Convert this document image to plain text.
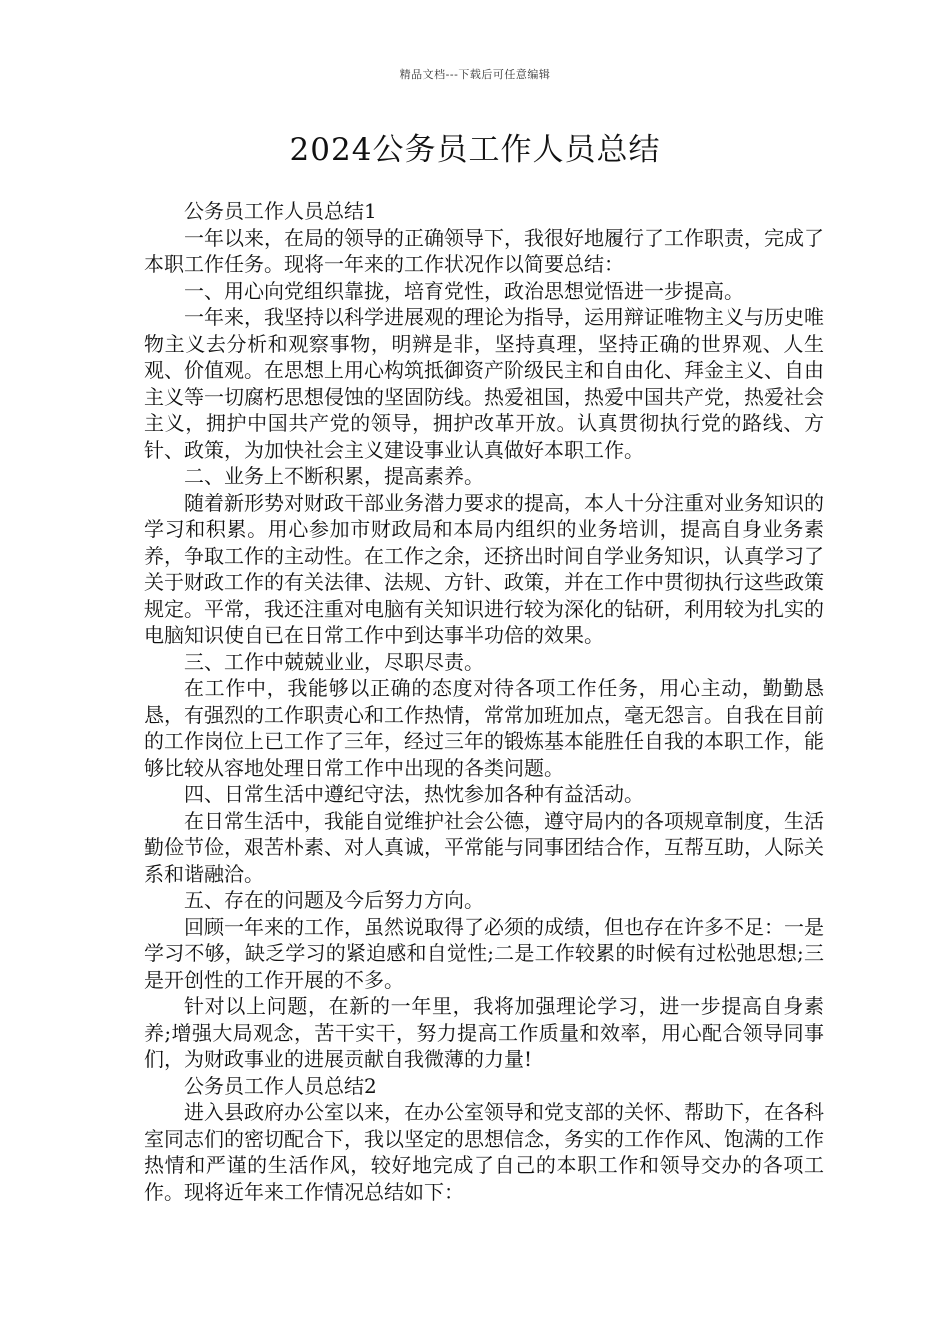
精品文档---下载后可任意编辑
2024公务员工作人员总结

公务员工作人员总结1

一年以来，在局的领导的正确领导下，我很好地履行了工作职责，完成了本职工作任务。现将一年来的工作状况作以简要总结：

一、用心向党组织靠拢，培育党性，政治思想觉悟进一步提高。

一年来，我坚持以科学进展观的理论为指导，运用辩证唯物主义与历史唯物主义去分析和观察事物，明辨是非，坚持真理，坚持正确的世界观、人生观、价值观。在思想上用心构筑抵御资产阶级民主和自由化、拜金主义、自由主义等一切腐朽思想侵蚀的坚固防线。热爱祖国，热爱中国共产党，热爱社会主义，拥护中国共产党的领导，拥护改革开放。认真贯彻执行党的路线、方针、政策，为加快社会主义建设事业认真做好本职工作。

二、业务上不断积累，提高素养。

随着新形势对财政干部业务潜力要求的提高，本人十分注重对业务知识的学习和积累。用心参加市财政局和本局内组织的业务培训，提高自身业务素养，争取工作的主动性。在工作之余，还挤出时间自学业务知识，认真学习了关于财政工作的有关法律、法规、方针、政策，并在工作中贯彻执行这些政策规定。平常，我还注重对电脑有关知识进行较为深化的钻研，利用较为扎实的电脑知识使自已在日常工作中到达事半功倍的效果。

三、工作中兢兢业业，尽职尽责。

在工作中，我能够以正确的态度对待各项工作任务，用心主动，勤勤恳恳，有强烈的工作职责心和工作热情，常常加班加点，毫无怨言。自我在目前的工作岗位上已工作了三年，经过三年的锻炼基本能胜任自我的本职工作，能够比较从容地处理日常工作中出现的各类问题。

四、日常生活中遵纪守法，热忱参加各种有益活动。

在日常生活中，我能自觉维护社会公德，遵守局内的各项规章制度，生活勤俭节俭，艰苦朴素、对人真诚，平常能与同事团结合作，互帮互助，人际关系和谐融洽。

五、存在的问题及今后努力方向。

回顾一年来的工作，虽然说取得了必须的成绩，但也存在许多不足：一是学习不够，缺乏学习的紧迫感和自觉性;二是工作较累的时候有过松弛思想;三是开创性的工作开展的不多。

针对以上问题，在新的一年里，我将加强理论学习，进一步提高自身素养;增强大局观念，苦干实干，努力提高工作质量和效率，用心配合领导同事们，为财政事业的进展贡献自我微薄的力量!

公务员工作人员总结2

进入县政府办公室以来，在办公室领导和党支部的关怀、帮助下，在各科室同志们的密切配合下，我以坚定的思想信念，务实的工作作风、饱满的工作热情和严谨的生活作风，较好地完成了自己的本职工作和领导交办的各项工作。现将近年来工作情况总结如下：
